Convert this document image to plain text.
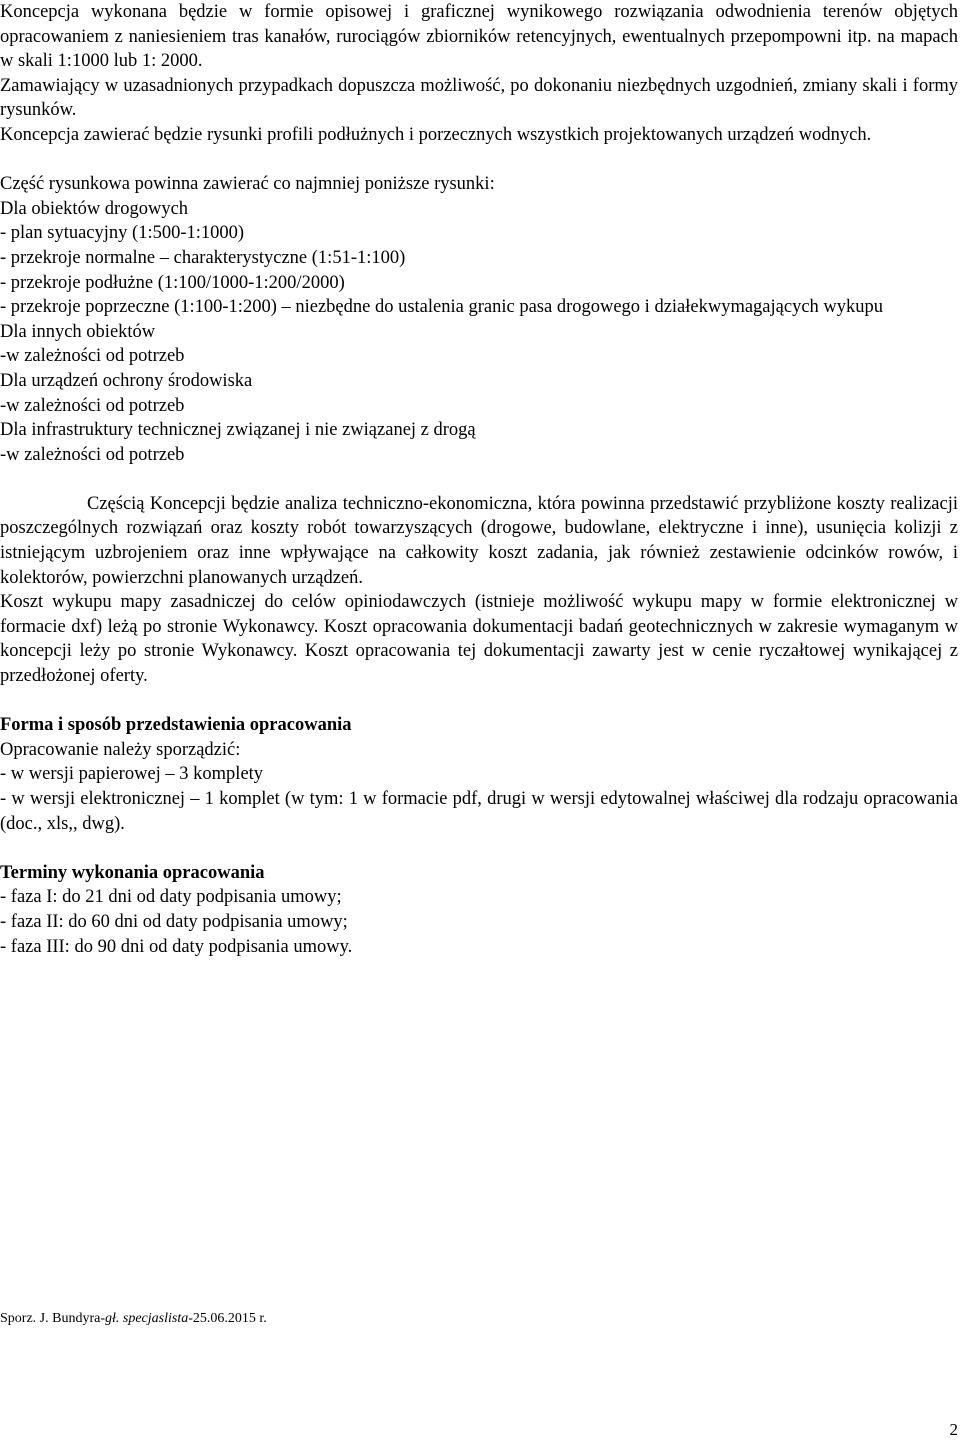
Koncepcja wykonana będzie w formie opisowej i graficznej wynikowego rozwiązania odwodnienia terenów objętych opracowaniem z naniesieniem tras kanałów, rurociągów zbiorników retencyjnych, ewentualnych przepompowni itp. na mapach w skali 1:1000 lub 1: 2000.

Zamawiający w uzasadnionych przypadkach dopuszcza możliwość, po dokonaniu niezbędnych uzgodnień, zmiany skali i formy rysunków.

Koncepcja zawierać będzie rysunki profili podłużnych i porzecznych wszystkich projektowanych urządzeń wodnych.

Część rysunkowa powinna zawierać co najmniej poniższe rysunki:

Dla obiektów drogowych

- plan sytuacyjny (1:500-1:1000)

- przekroje normalne – charakterystyczne (1:51-1:100)

- przekroje podłużne (1:100/1000-1:200/2000)

- przekroje poprzeczne (1:100-1:200) – niezbędne do ustalenia granic pasa drogowego i działekwymagających wykupu

Dla innych obiektów

-w zależności od potrzeb

Dla urządzeń ochrony środowiska

-w zależności od potrzeb

Dla infrastruktury technicznej związanej i nie związanej z drogą

-w zależności od potrzeb

Częścią Koncepcji będzie analiza techniczno-ekonomiczna, która powinna przedstawić przybliżone koszty realizacji poszczególnych rozwiązań oraz koszty robót towarzyszących (drogowe, budowlane, elektryczne i inne), usunięcia kolizji z istniejącym uzbrojeniem oraz inne wpływające na całkowity koszt zadania, jak również zestawienie odcinków rowów, i kolektorów, powierzchni planowanych urządzeń.

Koszt wykupu mapy zasadniczej do celów opiniodawczych (istnieje możliwość wykupu mapy w formie elektronicznej w formacie dxf) leżą po stronie Wykonawcy. Koszt opracowania dokumentacji badań geotechnicznych w zakresie wymaganym w koncepcji leży po stronie Wykonawcy. Koszt opracowania tej dokumentacji zawarty jest w cenie ryczałtowej wynikającej z przedłożonej oferty.

Forma i sposób przedstawienia opracowania

Opracowanie należy sporządzić:

- w wersji papierowej – 3 komplety

- w wersji elektronicznej – 1 komplet (w tym: 1 w formacie pdf, drugi w wersji edytowalnej właściwej dla rodzaju opracowania (doc., xls,, dwg).

Terminy wykonania opracowania

- faza I: do 21 dni od daty podpisania umowy;

- faza II: do 60 dni od daty podpisania umowy;

- faza III: do 90 dni od daty podpisania umowy.

Sporz. J. Bundyra-gł. specjaslista-25.06.2015 r.
2
